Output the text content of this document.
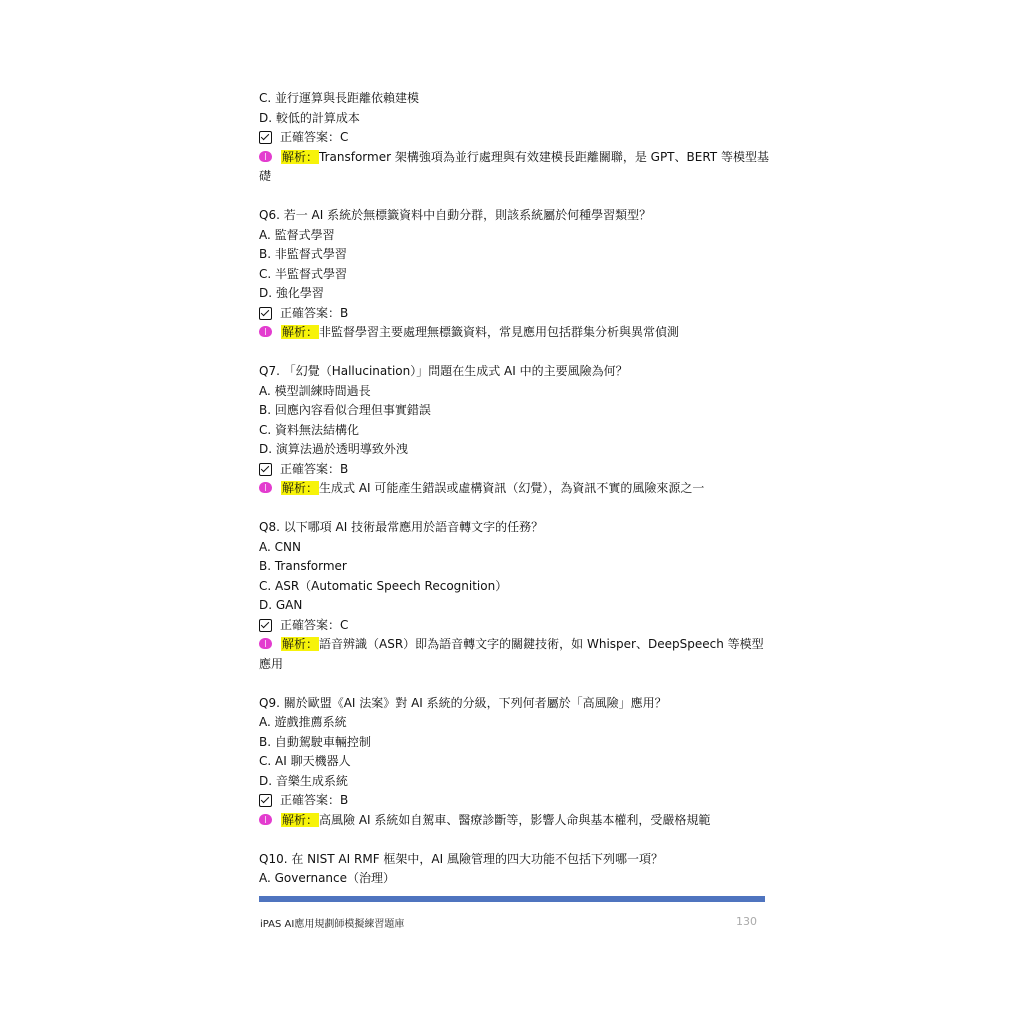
C. 並行運算與長距離依賴建模
D. 較低的計算成本
正確答案：C
解析：Transformer 架構強項為並行處理與有效建模長距離關聯，是 GPT、BERT 等模型基礎
Q6. 若一 AI 系統於無標籤資料中自動分群，則該系統屬於何種學習類型？
A. 監督式學習
B. 非監督式學習
C. 半監督式學習
D. 強化學習
正確答案：B
解析：非監督學習主要處理無標籤資料，常見應用包括群集分析與異常偵測
Q7. 「幻覺（Hallucination）」問題在生成式 AI 中的主要風險為何？
A. 模型訓練時間過長
B. 回應內容看似合理但事實錯誤
C. 資料無法結構化
D. 演算法過於透明導致外洩
正確答案：B
解析：生成式 AI 可能產生錯誤或虛構資訊（幻覺），為資訊不實的風險來源之一
Q8. 以下哪項 AI 技術最常應用於語音轉文字的任務？
A. CNN
B. Transformer
C. ASR（Automatic Speech Recognition）
D. GAN
正確答案：C
解析：語音辨識（ASR）即為語音轉文字的關鍵技術，如 Whisper、DeepSpeech 等模型應用
Q9. 關於歐盟《AI 法案》對 AI 系統的分級，下列何者屬於「高風險」應用？
A. 遊戲推薦系統
B. 自動駕駛車輛控制
C. AI 聊天機器人
D. 音樂生成系統
正確答案：B
解析：高風險 AI 系統如自駕車、醫療診斷等，影響人命與基本權利，受嚴格規範
Q10. 在 NIST AI RMF 框架中，AI 風險管理的四大功能不包括下列哪一項？
A. Governance（治理）
iPAS AI應用規劃師模擬練習題庫	130
